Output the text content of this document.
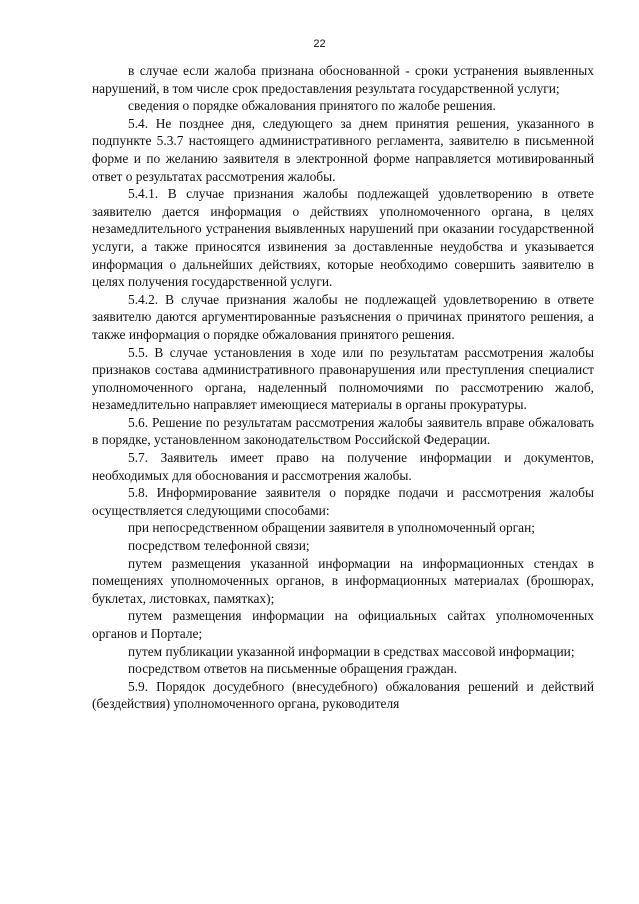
22

в случае если жалоба признана обоснованной - сроки устранения выявленных нарушений, в том числе срок предоставления результата государственной услуги;

сведения о порядке обжалования принятого по жалобе решения.

5.4. Не позднее дня, следующего за днем принятия решения, указанного в подпункте 5.3.7 настоящего административного регламента, заявителю в письменной форме и по желанию заявителя в электронной форме направляется мотивированный ответ о результатах рассмотрения жалобы.

5.4.1. В случае признания жалобы подлежащей удовлетворению в ответе заявителю дается информация о действиях уполномоченного органа, в целях незамедлительного устранения выявленных нарушений при оказании государственной услуги, а также приносятся извинения за доставленные неудобства и указывается информация о дальнейших действиях, которые необходимо совершить заявителю в целях получения государственной услуги.

5.4.2. В случае признания жалобы не подлежащей удовлетворению в ответе заявителю даются аргументированные разъяснения о причинах принятого решения, а также информация о порядке обжалования принятого решения.

5.5. В случае установления в ходе или по результатам рассмотрения жалобы признаков состава административного правонарушения или преступления специалист уполномоченного органа, наделенный полномочиями по рассмотрению жалоб, незамедлительно направляет имеющиеся материалы в органы прокуратуры.

5.6. Решение по результатам рассмотрения жалобы заявитель вправе обжаловать в порядке, установленном законодательством Российской Федерации.

5.7. Заявитель имеет право на получение информации и документов, необходимых для обоснования и рассмотрения жалобы.

5.8. Информирование заявителя о порядке подачи и рассмотрения жалобы осуществляется следующими способами:

при непосредственном обращении заявителя в уполномоченный орган;

посредством телефонной связи;

путем размещения указанной информации на информационных стендах в помещениях уполномоченных органов, в информационных материалах (брошюрах, буклетах, листовках, памятках);

путем размещения информации на официальных сайтах уполномоченных органов и Портале;

путем публикации указанной информации в средствах массовой информации;

посредством ответов на письменные обращения граждан.

5.9. Порядок досудебного (внесудебного) обжалования решений и действий (бездействия) уполномоченного органа, руководителя
